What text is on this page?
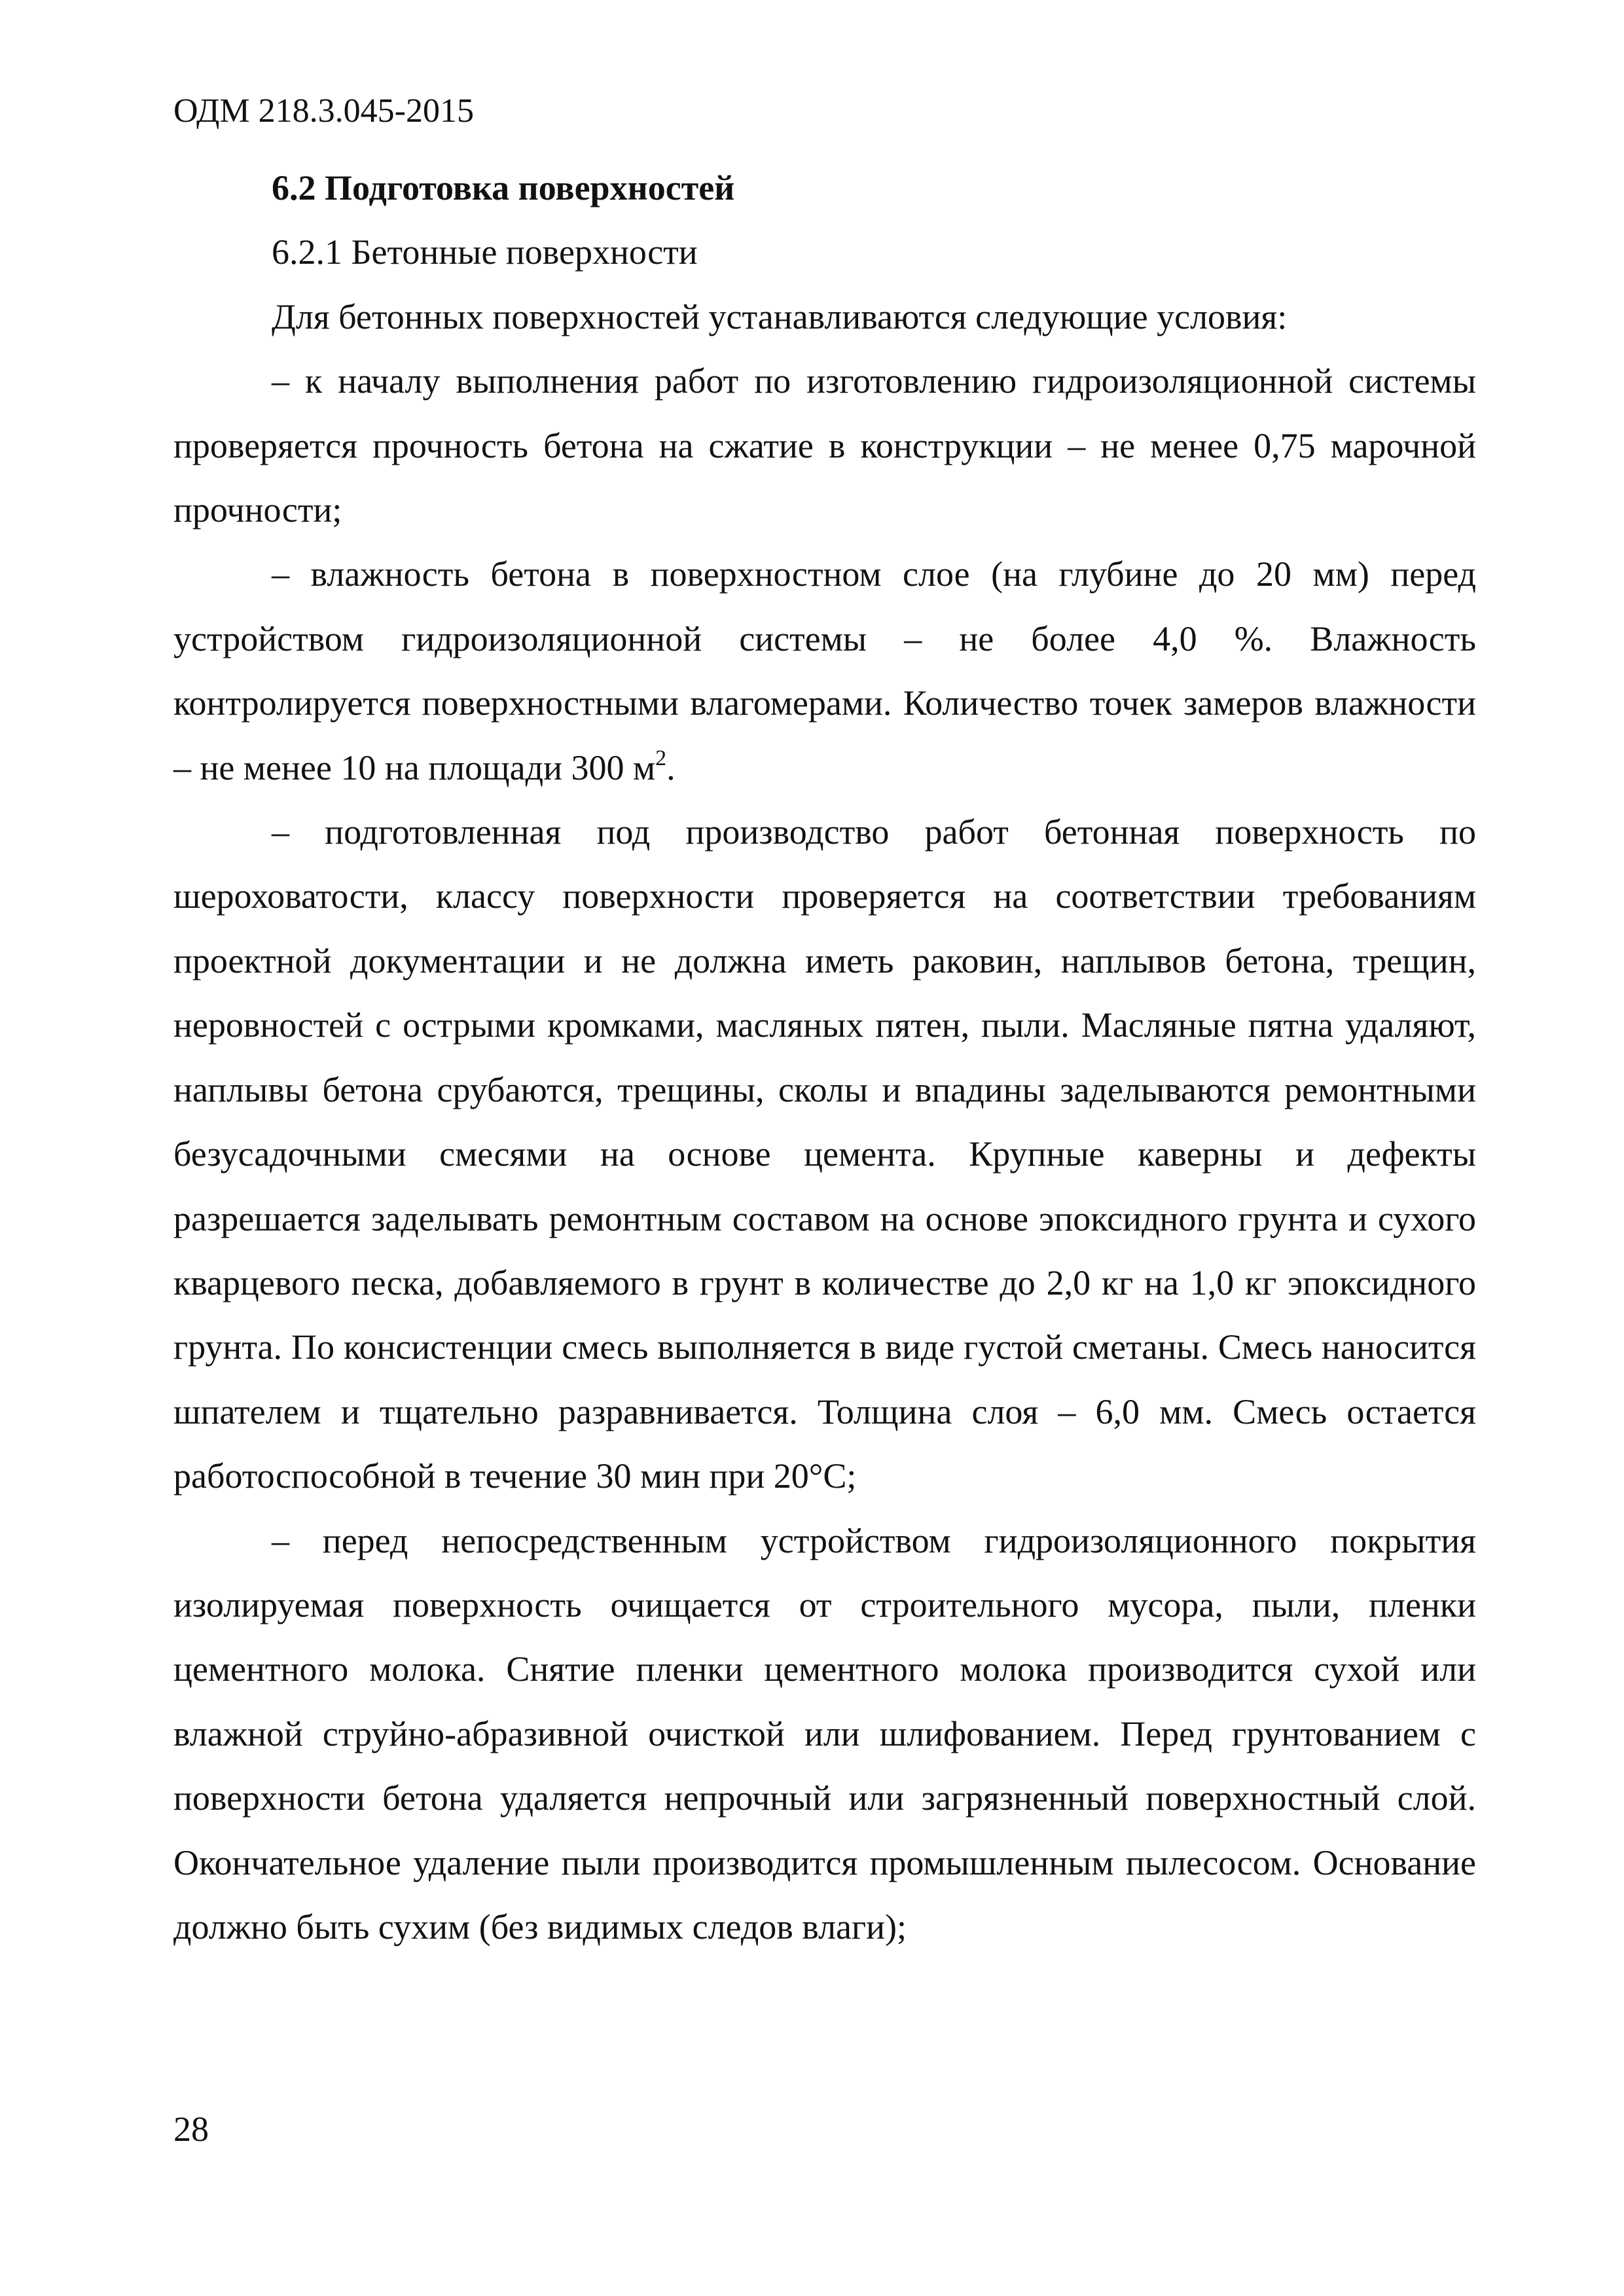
ОДМ 218.3.045-2015

6.2 Подготовка поверхностей

6.2.1 Бетонные поверхности

Для бетонных поверхностей устанавливаются следующие условия:

– к началу выполнения работ по изготовлению гидроизоляционной системы проверяется прочность бетона на сжатие в конструкции – не менее 0,75 марочной прочности;

– влажность бетона в поверхностном слое (на глубине до 20 мм) перед устройством гидроизоляционной системы – не более 4,0 %. Влажность контролируется поверхностными влагомерами. Количество точек замеров влажности – не менее 10 на площади 300 $м^2$.

– подготовленная под производство работ бетонная поверхность по шероховатости, классу поверхности проверяется на соответствии требованиям проектной документации и не должна иметь раковин, наплывов бетона, трещин, неровностей с острыми кромками, масляных пятен, пыли. Масляные пятна удаляют, наплывы бетона срубаются, трещины, сколы и впадины заделываются ремонтными безусадочными смесями на основе цемента. Крупные каверны и дефекты разрешается заделывать ремонтным составом на основе эпоксидного грунта и сухого кварцевого песка, добавляемого в грунт в количестве до 2,0 кг на 1,0 кг эпоксидного грунта. По консистенции смесь выполняется в виде густой сметаны. Смесь наносится шпателем и тщательно разравнивается. Толщина слоя – 6,0 мм. Смесь остается работоспособной в течение 30 мин при 20°С;

– перед непосредственным устройством гидроизоляционного покрытия изолируемая поверхность очищается от строительного мусора, пыли, пленки цементного молока. Снятие пленки цементного молока производится сухой или влажной струйно-абразивной очисткой или шлифованием. Перед грунтованием с поверхности бетона удаляется непрочный или загрязненный поверхностный слой. Окончательное удаление пыли производится промышленным пылесосом. Основание должно быть сухим (без видимых следов влаги);

28
